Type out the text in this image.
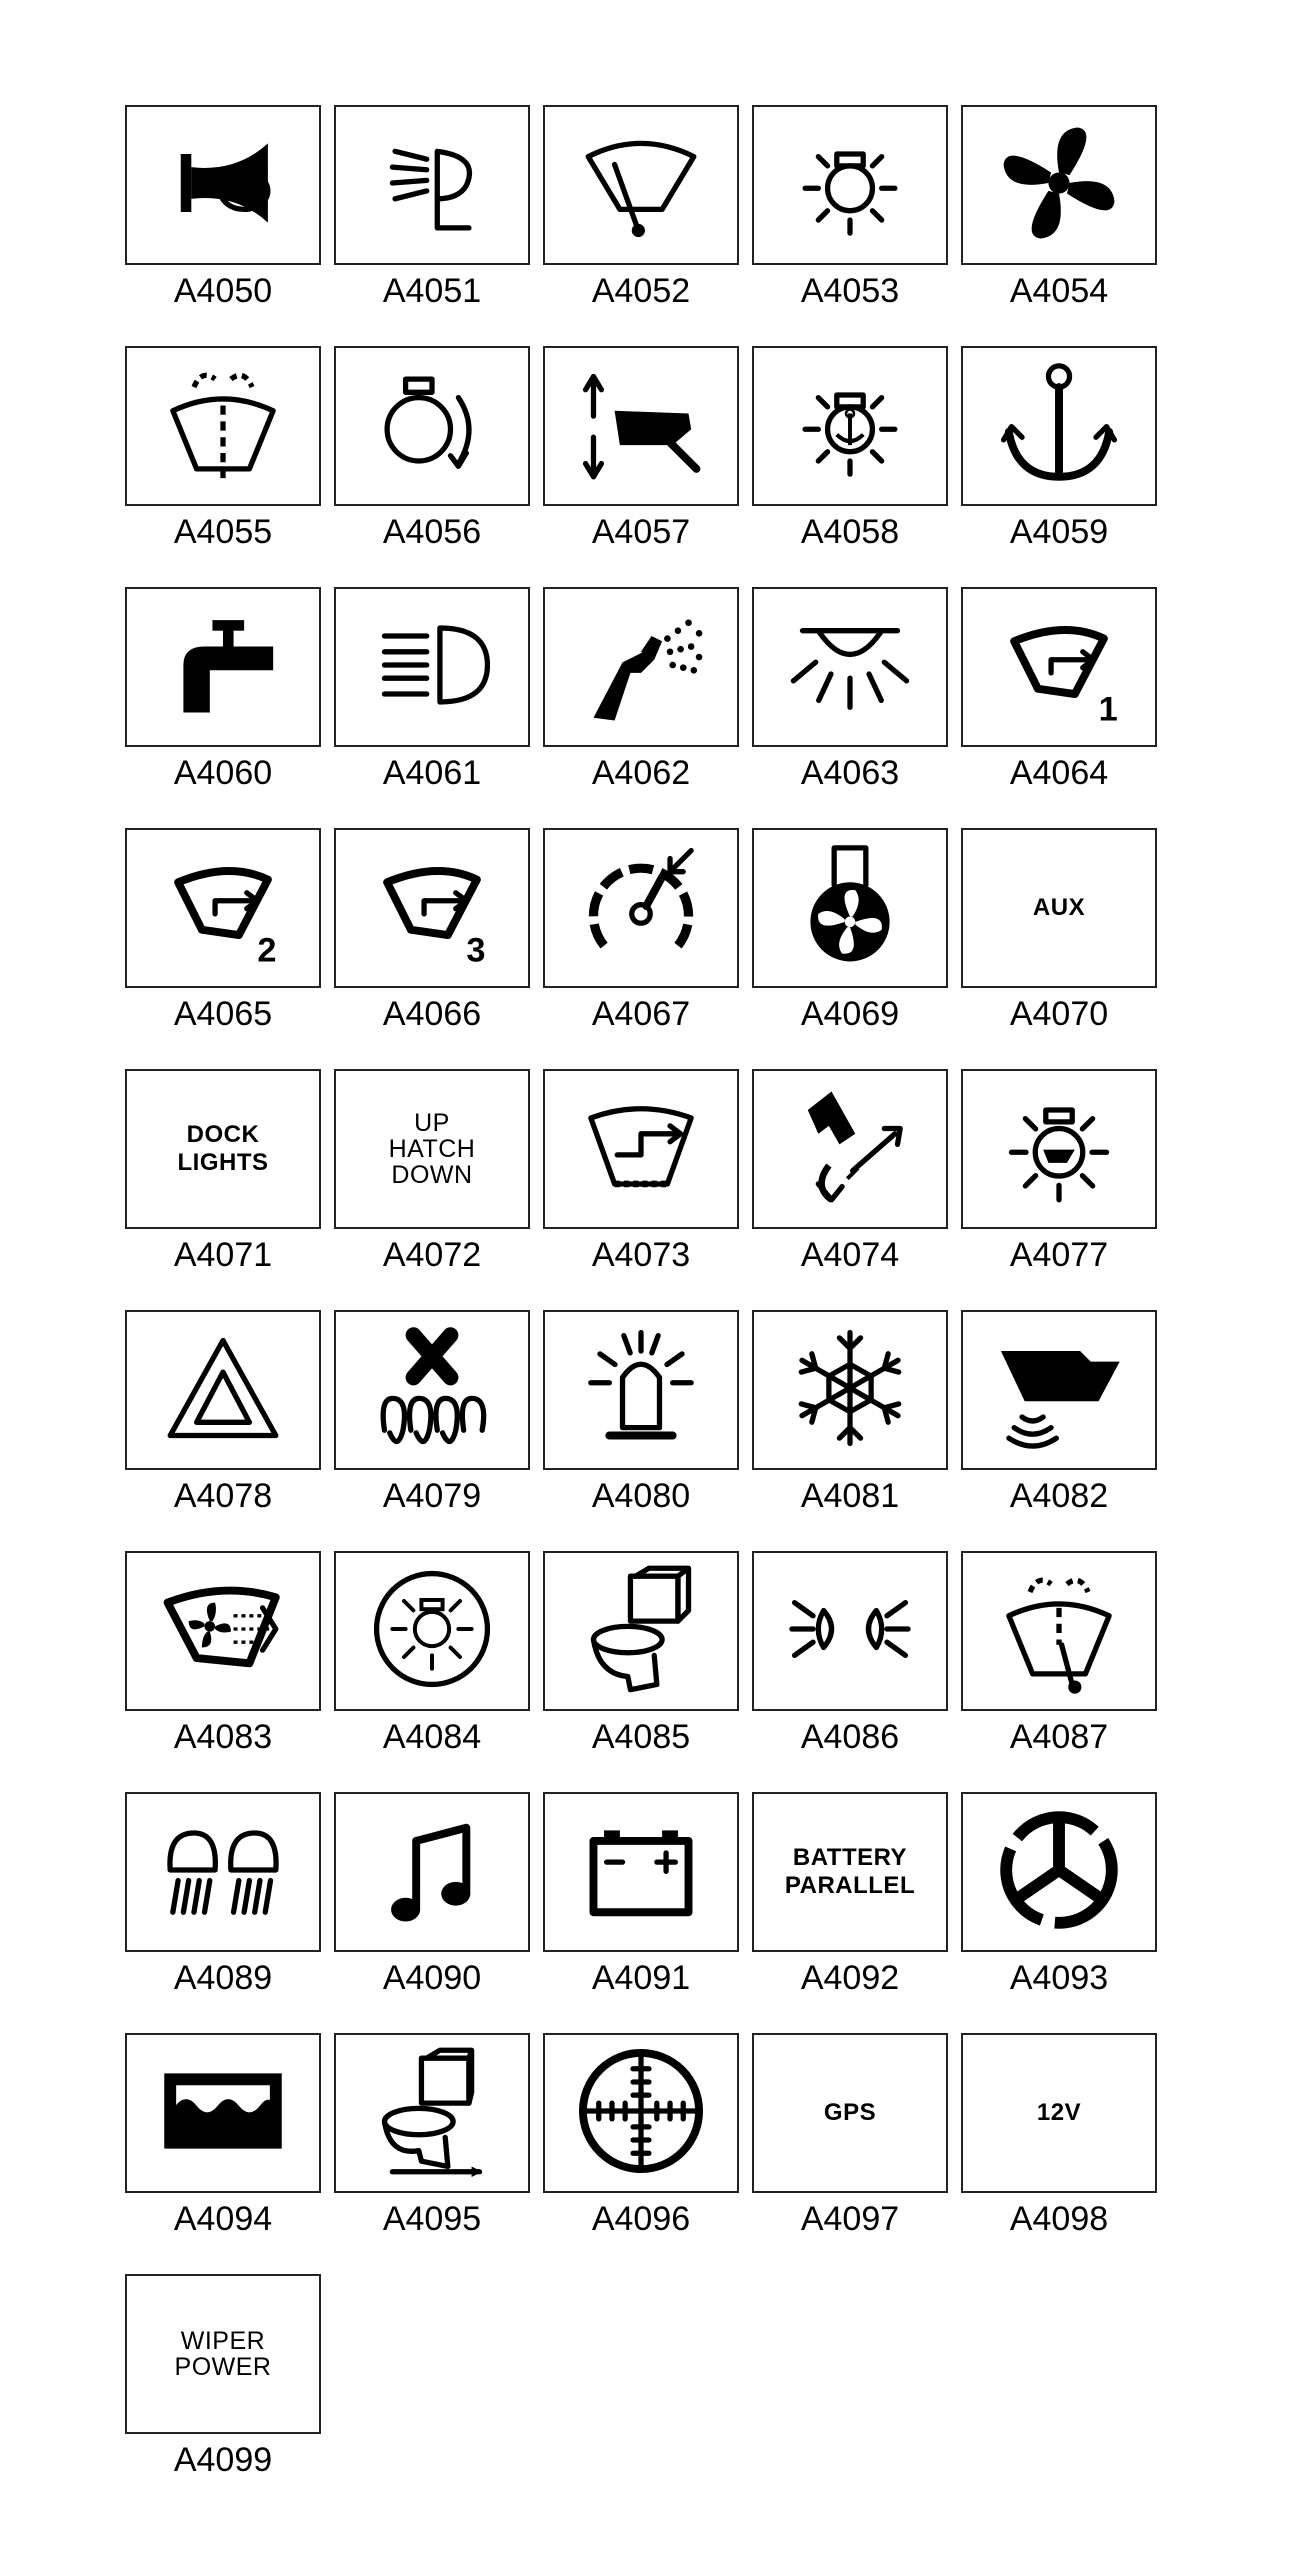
A4050	A4051	A4052	A4053	A4054
A4055	A4056	A4057	A4058	A4059
A4060	A4061	A4062	A4063
1
A4064
2
A4065
3
A4066	A4067	A4069
AUX
A4070
DOCK
LIGHTS
A4071
UP
HATCH
DOWN
A4072	A4073	A4074	A4077
A4078	A4079	A4080	A4081	A4082
A4083	A4084	A4085	A4086	A4087
A4089	A4090	A4091
BATTERY
PARALLEL
A4092	A4093
A4094	A4095	A4096
GPS
A4097
12V
A4098
WIPER
POWER
A4099
